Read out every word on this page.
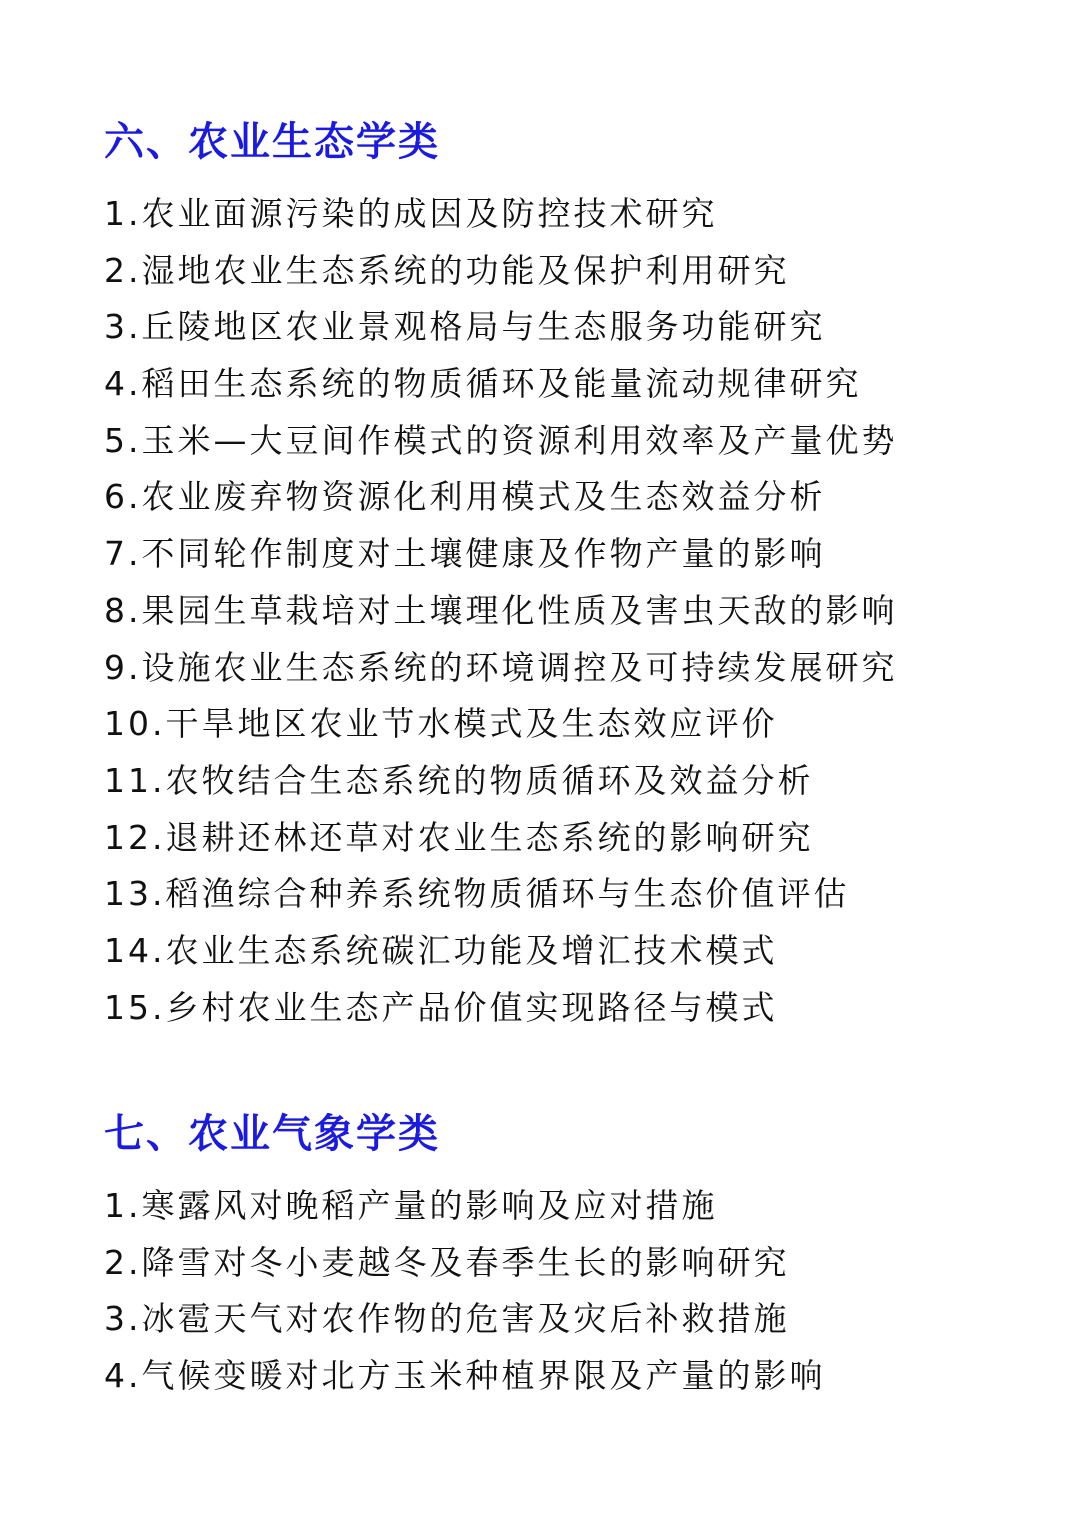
六、农业生态学类
1.农业面源污染的成因及防控技术研究
2.湿地农业生态系统的功能及保护利用研究
3.丘陵地区农业景观格局与生态服务功能研究
4.稻田生态系统的物质循环及能量流动规律研究
5.玉米—大豆间作模式的资源利用效率及产量优势
6.农业废弃物资源化利用模式及生态效益分析
7.不同轮作制度对土壤健康及作物产量的影响
8.果园生草栽培对土壤理化性质及害虫天敌的影响
9.设施农业生态系统的环境调控及可持续发展研究
10.干旱地区农业节水模式及生态效应评价
11.农牧结合生态系统的物质循环及效益分析
12.退耕还林还草对农业生态系统的影响研究
13.稻渔综合种养系统物质循环与生态价值评估
14.农业生态系统碳汇功能及增汇技术模式
15.乡村农业生态产品价值实现路径与模式
七、农业气象学类
1.寒露风对晚稻产量的影响及应对措施
2.降雪对冬小麦越冬及春季生长的影响研究
3.冰雹天气对农作物的危害及灾后补救措施
4.气候变暖对北方玉米种植界限及产量的影响
